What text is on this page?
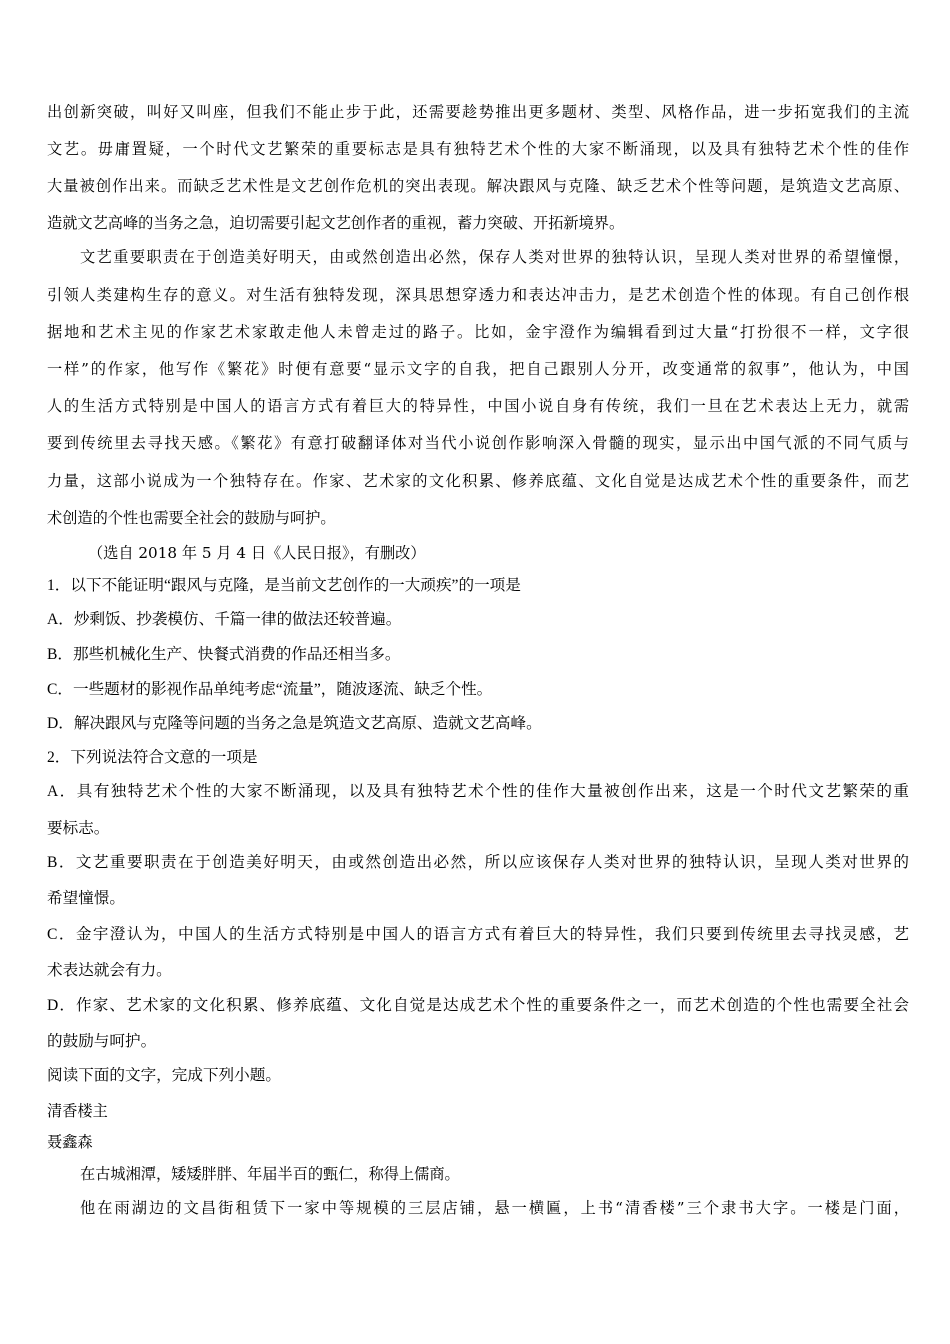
出创新突破，叫好又叫座，但我们不能止步于此，还需要趁势推出更多题材、类型、风格作品，进一步拓宽我们的主流
文艺。毋庸置疑，一个时代文艺繁荣的重要标志是具有独特艺术个性的大家不断涌现，以及具有独特艺术个性的佳作
大量被创作出来。而缺乏艺术性是文艺创作危机的突出表现。解决跟风与克隆、缺乏艺术个性等问题，是筑造文艺高原、
造就文艺高峰的当务之急，迫切需要引起文艺创作者的重视，蓄力突破、开拓新境界。
文艺重要职责在于创造美好明天，由或然创造出必然，保存人类对世界的独特认识，呈现人类对世界的希望憧憬，
引领人类建构生存的意义。对生活有独特发现，深具思想穿透力和表达冲击力，是艺术创造个性的体现。有自己创作根
据地和艺术主见的作家艺术家敢走他人未曾走过的路子。比如，金宇澄作为编辑看到过大量“打扮很不一样，文字很
一样”的作家，他写作《繁花》时便有意要“显示文字的自我，把自己跟别人分开，改变通常的叙事”，他认为，中国
人的生活方式特别是中国人的语言方式有着巨大的特异性，中国小说自身有传统，我们一旦在艺术表达上无力，就需
要到传统里去寻找天感。《繁花》有意打破翻译体对当代小说创作影响深入骨髓的现实，显示出中国气派的不同气质与
力量，这部小说成为一个独特存在。作家、艺术家的文化积累、修养底蕴、文化自觉是达成艺术个性的重要条件，而艺
术创造的个性也需要全社会的鼓励与呵护。
（选自 2018 年 5 月 4 日《人民日报》，有删改）
1．以下不能证明“跟风与克隆，是当前文艺创作的一大顽疾”的一项是
A．炒剩饭、抄袭模仿、千篇一律的做法还较普遍。
B．那些机械化生产、快餐式消费的作品还相当多。
C．一些题材的影视作品单纯考虑“流量”，随波逐流、缺乏个性。
D．解决跟风与克隆等问题的当务之急是筑造文艺高原、造就文艺高峰。
2．下列说法符合文意的一项是
A．具有独特艺术个性的大家不断涌现，以及具有独特艺术个性的佳作大量被创作出来，这是一个时代文艺繁荣的重
要标志。
B．文艺重要职责在于创造美好明天，由或然创造出必然，所以应该保存人类对世界的独特认识，呈现人类对世界的
希望憧憬。
C．金宇澄认为，中国人的生活方式特别是中国人的语言方式有着巨大的特异性，我们只要到传统里去寻找灵感，艺
术表达就会有力。
D．作家、艺术家的文化积累、修养底蕴、文化自觉是达成艺术个性的重要条件之一，而艺术创造的个性也需要全社会
的鼓励与呵护。
阅读下面的文字，完成下列小题。
清香楼主
聂鑫森
在古城湘潭，矮矮胖胖、年届半百的甄仁，称得上儒商。
他在雨湖边的文昌街租赁下一家中等规模的三层店铺，悬一横匾，上书“清香楼”三个隶书大字。一楼是门面，
